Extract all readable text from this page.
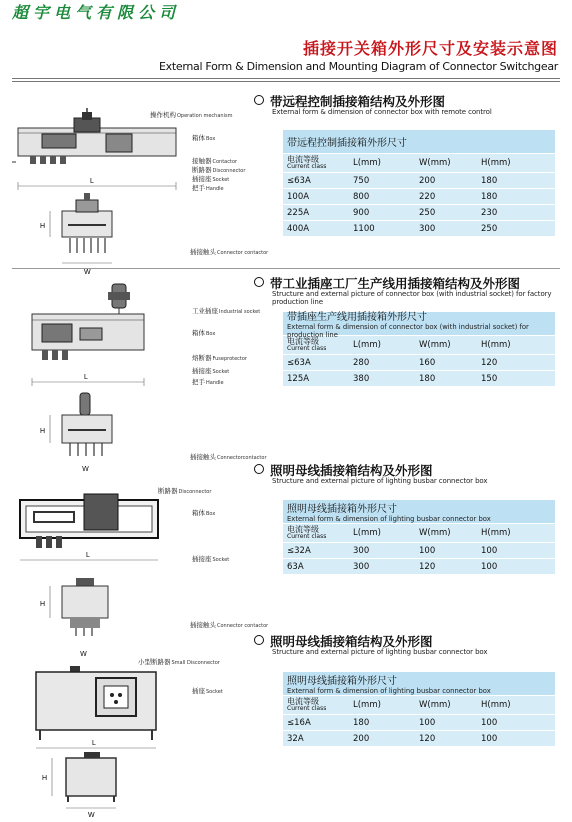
超宇电气有限公司
插接开关箱外形尺寸及安装示意图
External Form & Dimension and Mounting Diagram of Connector Switchgear
带远程控制插接箱结构及外形图
External form & dimension of connector box with remote control
带远程控制插接箱外形尺寸
电流等级
Current class	L(mm)	W(mm)	H(mm)
≤63A	750	200	180
100A	800	220	180
225A	900	250	230
400A	1100	300	250
L
H
W
操作机构Operation mechanism
箱体Box
接触器Contactor
断路器Disconnector
插接座Socket
把手Handle
插接触头Connector contactor
带工业插座工厂生产线用插接箱结构及外形图
Structure and external picture of connector box (with industrial socket) for factory production line
带插座生产线用插接箱外形尺寸
External form & dimension of connector box (with industrial socket) for production line
电流等级
Current class	L(mm)	W(mm)	H(mm)
≤63A	280	160	120
125A	380	180	150
L
H
W
工业插座Industrial socket
箱体Box
熔断器Fuseprotector
插接座Socket
把手Handle
插接触头Connectorcontactor
照明母线插接箱结构及外形图
Structure and external picture of lighting busbar connector box
照明母线插接箱外形尺寸
External form & dimension of lighting busbar connector box
电流等级
Current class	L(mm)	W(mm)	H(mm)
≤32A	300	100	100
63A	300	120	100
L
H
W
断路器Disconnector
箱体Box
插接座Socket
插接触头Connector contactor
照明母线插接箱结构及外形图
Structure and external picture of lighting busbar connector box
照明母线插接箱外形尺寸
External form & dimension of lighting busbar connector box
电流等级
Current class	L(mm)	W(mm)	H(mm)
≤16A	180	100	100
32A	200	120	100
L
H
W
小型断路器Small Disconnector
插座Socket
